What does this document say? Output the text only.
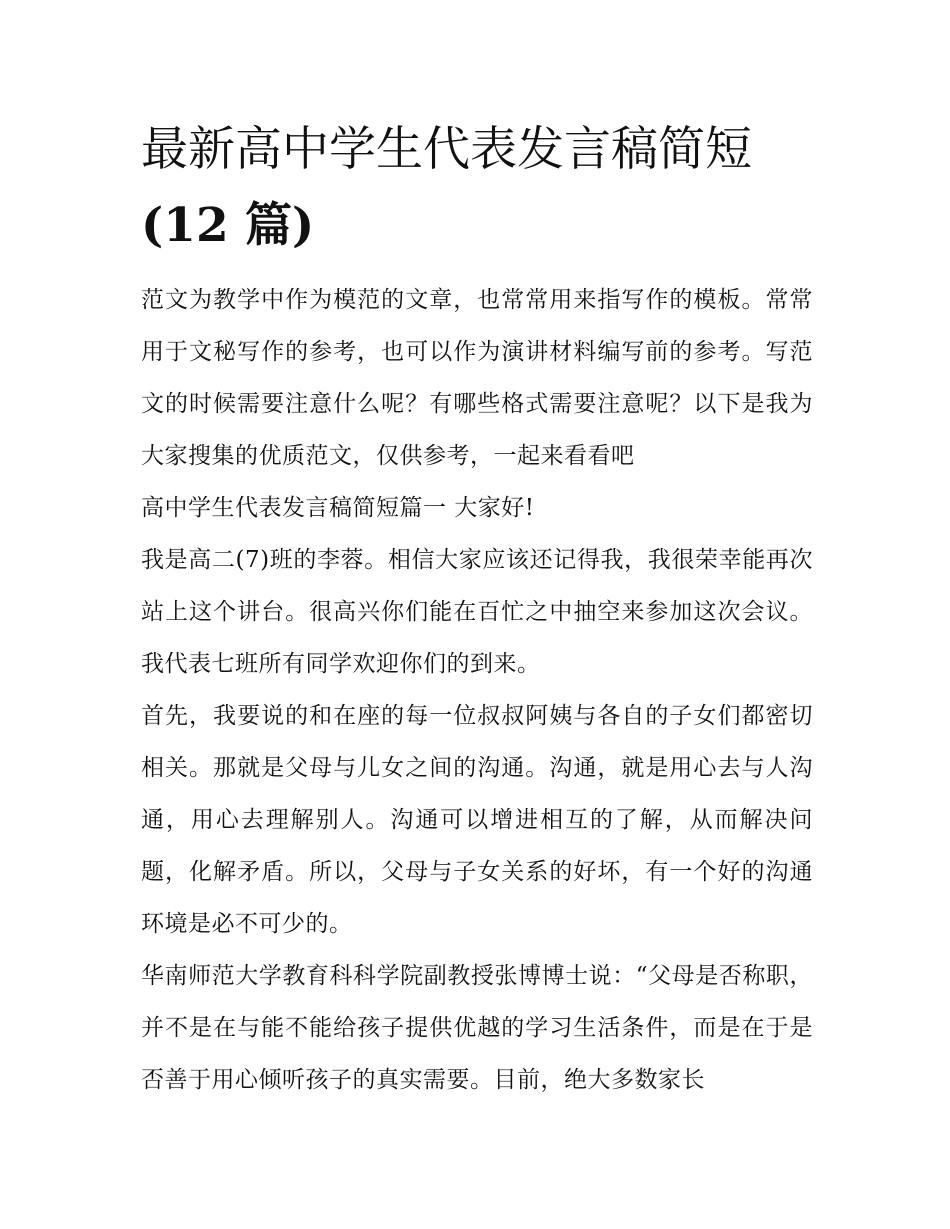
最新高中学生代表发言稿简短
(12 篇)

范文为教学中作为模范的文章，也常常用来指写作的模板。常常用于文秘写作的参考，也可以作为演讲材料编写前的参考。写范文的时候需要注意什么呢？有哪些格式需要注意呢？以下是我为大家搜集的优质范文，仅供参考，一起来看看吧

高中学生代表发言稿简短篇一 大家好!

我是高二(7)班的李蓉。相信大家应该还记得我，我很荣幸能再次站上这个讲台。很高兴你们能在百忙之中抽空来参加这次会议。我代表七班所有同学欢迎你们的到来。

首先，我要说的和在座的每一位叔叔阿姨与各自的子女们都密切相关。那就是父母与儿女之间的沟通。沟通，就是用心去与人沟通，用心去理解别人。沟通可以增进相互的了解，从而解决问题，化解矛盾。所以，父母与子女关系的好坏，有一个好的沟通环境是必不可少的。

华南师范大学教育科科学院副教授张博博士说：“父母是否称职，并不是在与能不能给孩子提供优越的学习生活条件，而是在于是否善于用心倾听孩子的真实需要。目前，绝大多数家长
